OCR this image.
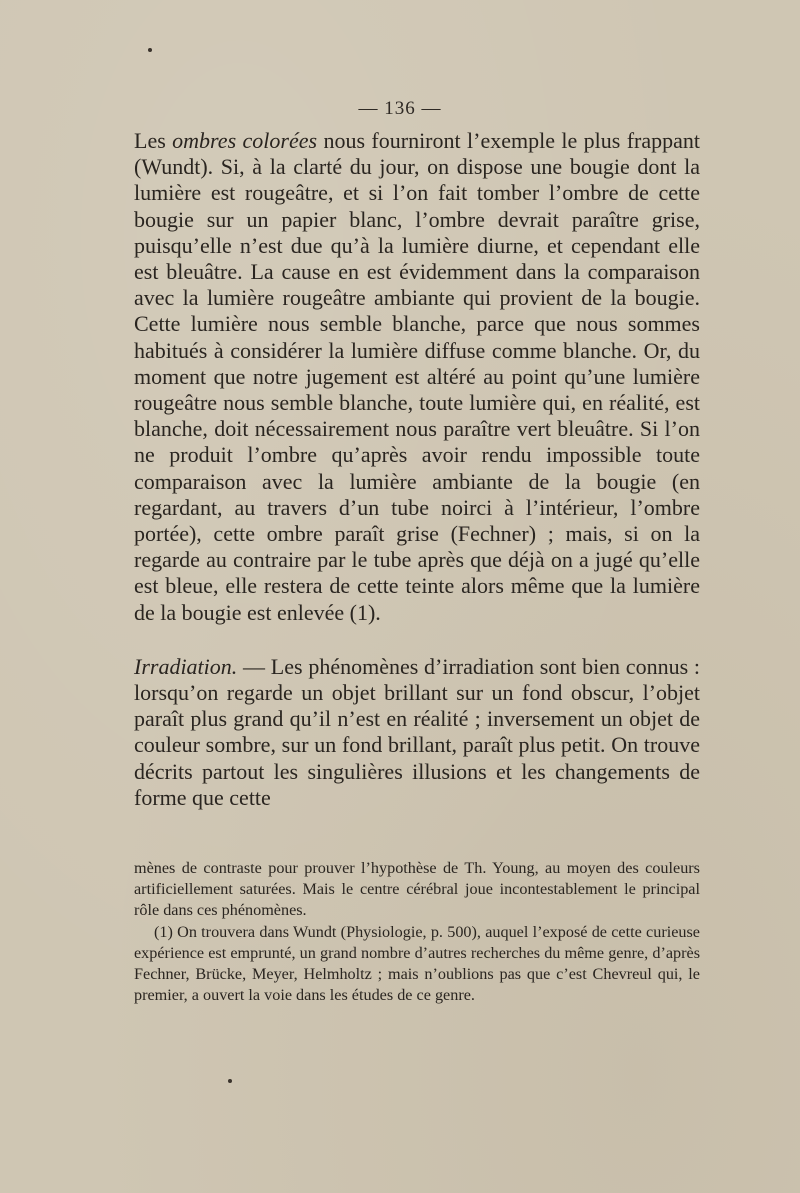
— 136 —

Les ombres colorées nous fourniront l’exemple le plus frappant (Wundt). Si, à la clarté du jour, on dispose une bougie dont la lumière est rougeâtre, et si l’on fait tomber l’ombre de cette bougie sur un papier blanc, l’ombre devrait paraître grise, puisqu’elle n’est due qu’à la lumière diurne, et cependant elle est bleuâtre. La cause en est évidemment dans la comparaison avec la lumière rougeâtre ambiante qui provient de la bougie. Cette lumière nous semble blanche, parce que nous sommes habitués à considérer la lumière diffuse comme blanche. Or, du moment que notre jugement est altéré au point qu’une lumière rougeâtre nous semble blanche, toute lumière qui, en réalité, est blanche, doit nécessairement nous paraître vert bleuâtre. Si l’on ne produit l’ombre qu’après avoir rendu impossible toute comparaison avec la lumière ambiante de la bougie (en regardant, au travers d’un tube noirci à l’intérieur, l’ombre portée), cette ombre paraît grise (Fechner) ; mais, si on la regarde au contraire par le tube après que déjà on a jugé qu’elle est bleue, elle restera de cette teinte alors même que la lumière de la bougie est enlevée (1).

Irradiation. — Les phénomènes d’irradiation sont bien connus : lorsqu’on regarde un objet brillant sur un fond obscur, l’objet paraît plus grand qu’il n’est en réalité ; inversement un objet de couleur sombre, sur un fond brillant, paraît plus petit. On trouve décrits partout les singulières illusions et les changements de forme que cette

mènes de contraste pour prouver l’hypothèse de Th. Young, au moyen des couleurs artificiellement saturées. Mais le centre cérébral joue incontestablement le principal rôle dans ces phénomènes.

(1) On trouvera dans Wundt (Physiologie, p. 500), auquel l’exposé de cette curieuse expérience est emprunté, un grand nombre d’autres recherches du même genre, d’après Fechner, Brücke, Meyer, Helmholtz ; mais n’oublions pas que c’est Chevreul qui, le premier, a ouvert la voie dans les études de ce genre.
